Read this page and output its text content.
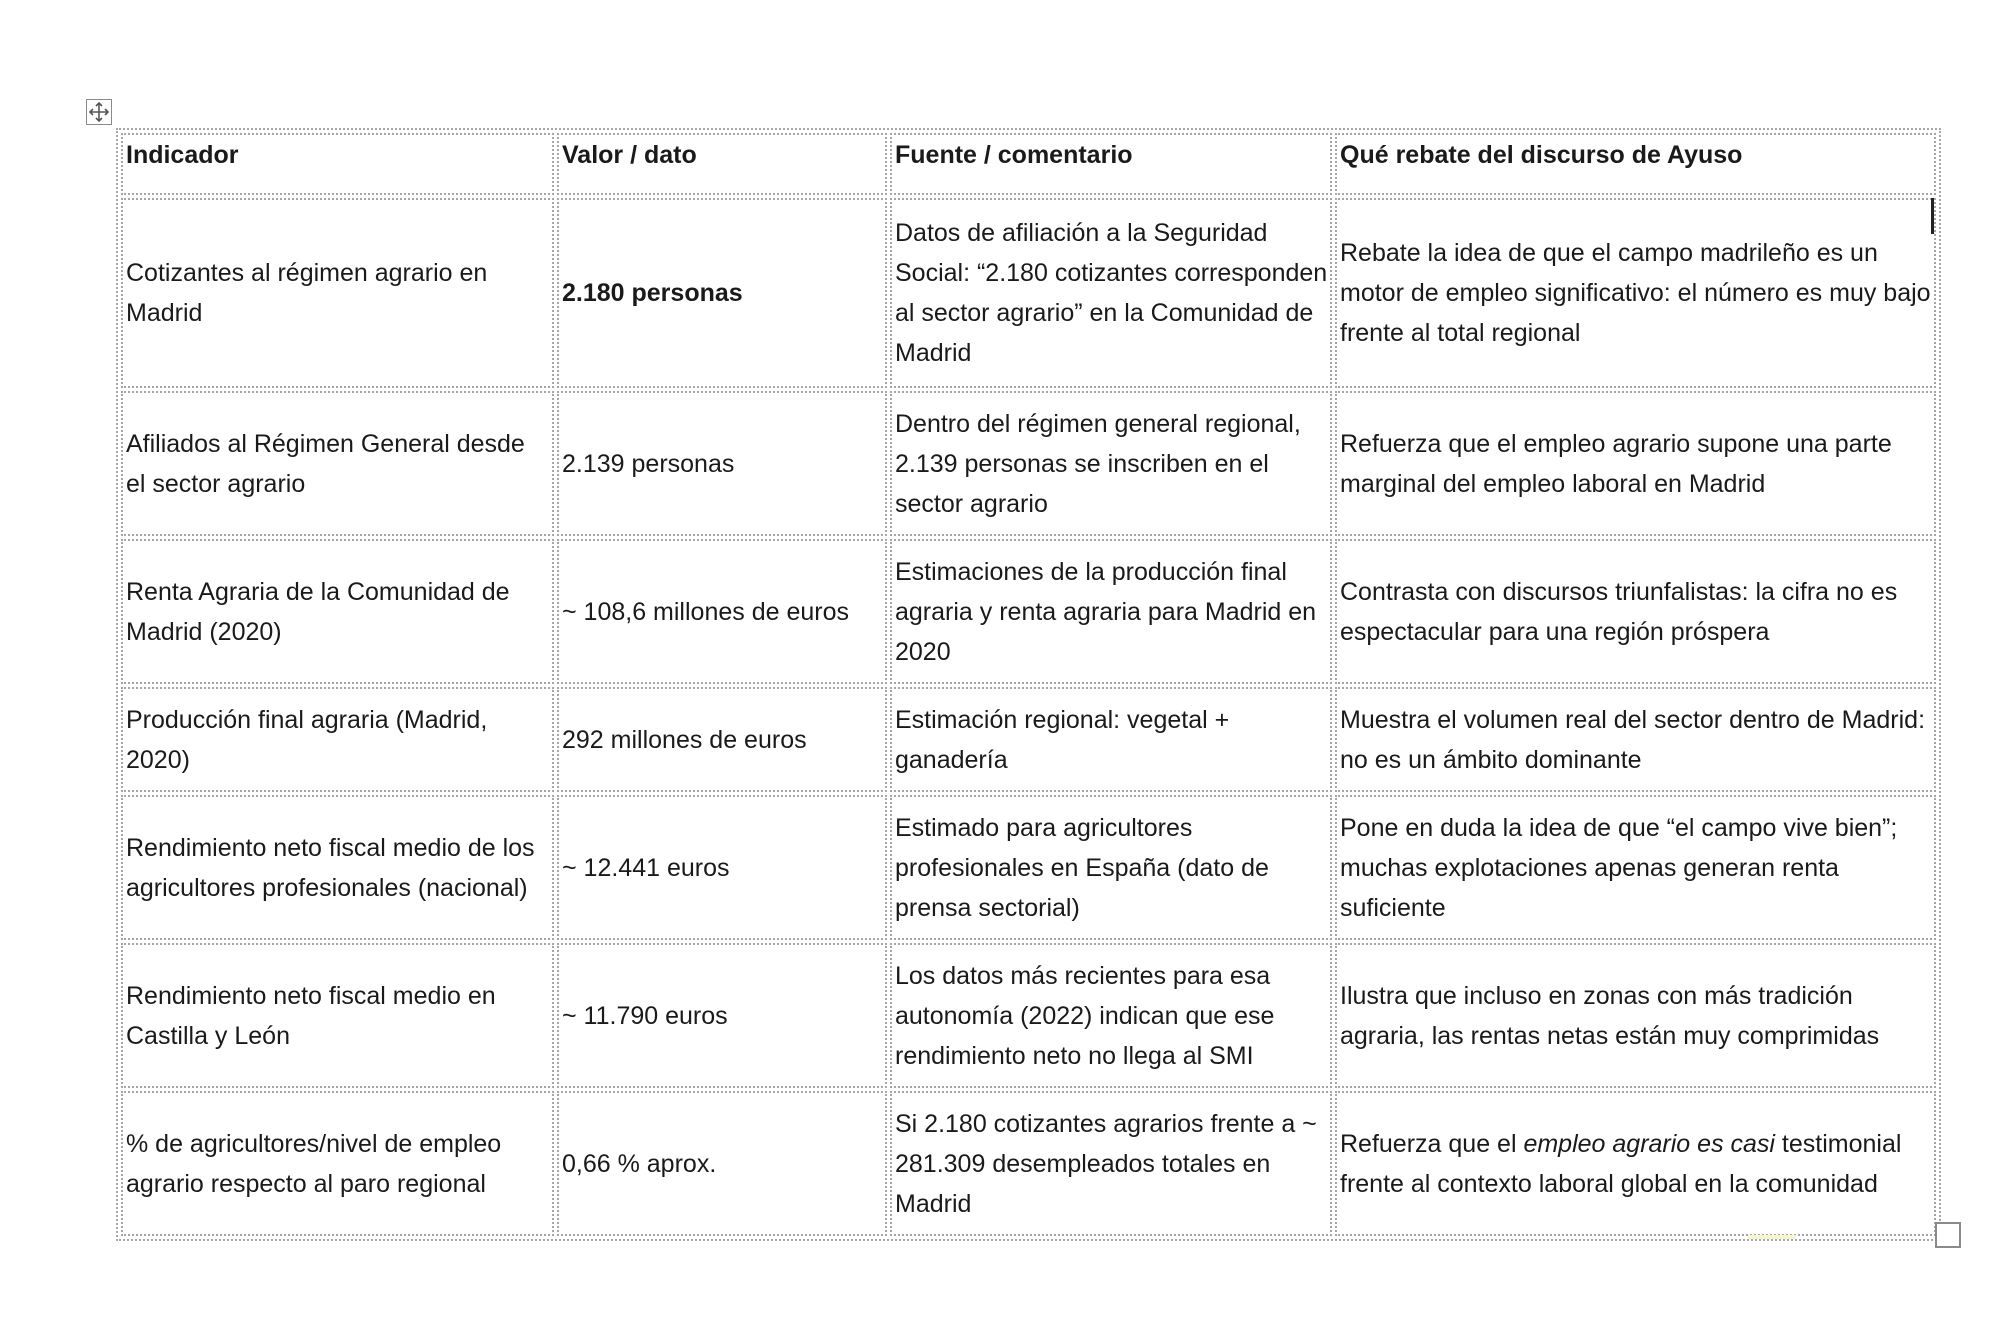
Indicador	Valor / dato	Fuente / comentario	Qué rebate del discurso de Ayuso
Cotizantes al régimen agrario en Madrid	2.180 personas	Datos de afiliación a la Seguridad Social: “2.180 cotizantes corresponden al sector agrario” en la Comunidad de Madrid	Rebate la idea de que el campo madrileño es un motor de empleo significativo: el número es muy bajo frente al total regional
Afiliados al Régimen General desde el sector agrario	2.139 personas	Dentro del régimen general regional, 2.139 personas se inscriben en el sector agrario	Refuerza que el empleo agrario supone una parte marginal del empleo laboral en Madrid
Renta Agraria de la Comunidad de Madrid (2020)	~ 108,6 millones de euros	Estimaciones de la producción final agraria y renta agraria para Madrid en 2020	Contrasta con discursos triunfalistas: la cifra no es espectacular para una región próspera
Producción final agraria (Madrid, 2020)	292 millones de euros	Estimación regional: vegetal + ganadería	Muestra el volumen real del sector dentro de Madrid: no es un ámbito dominante
Rendimiento neto fiscal medio de los agricultores profesionales (nacional)	~ 12.441 euros	Estimado para agricultores profesionales en España (dato de prensa sectorial)	Pone en duda la idea de que “el campo vive bien”; muchas explotaciones apenas generan renta suficiente
Rendimiento neto fiscal medio en Castilla y León	~ 11.790 euros	Los datos más recientes para esa autonomía (2022) indican que ese rendimiento neto no llega al SMI	Ilustra que incluso en zonas con más tradición agraria, las rentas netas están muy comprimidas
% de agricultores/nivel de empleo agrario respecto al paro regional	0,66 % aprox.	Si 2.180 cotizantes agrarios frente a ~ 281.309 desempleados totales en Madrid	Refuerza que el empleo agrario es casi testimonial frente al contexto laboral global en la comunidad
